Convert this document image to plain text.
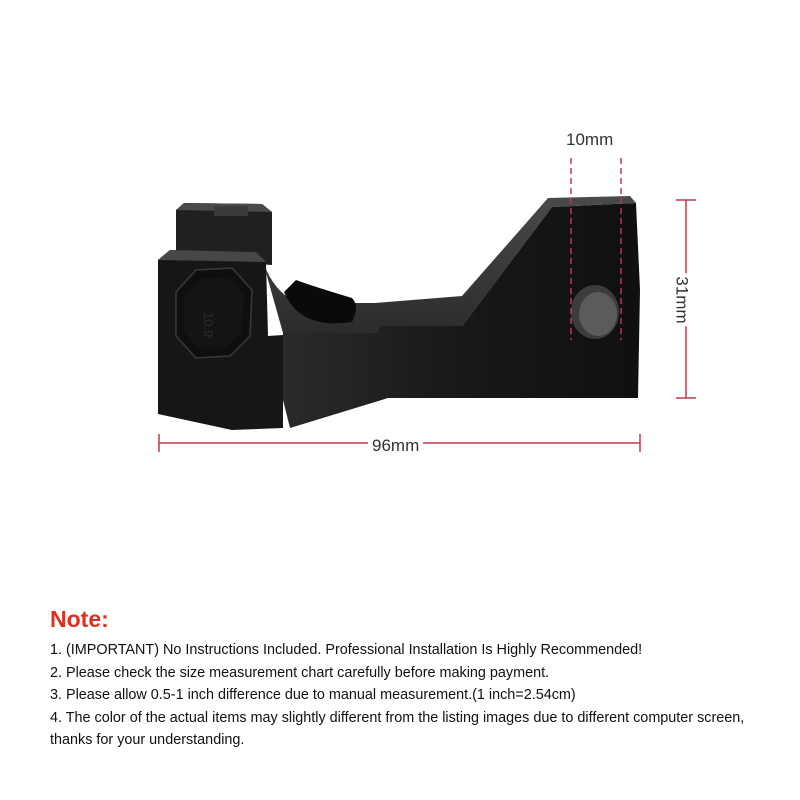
10.9
10mm
31mm
96mm
Note:
1. (IMPORTANT) No Instructions Included. Professional Installation Is Highly Recommended!
2. Please check the size measurement chart carefully before making payment.
3. Please allow 0.5-1 inch difference due to manual measurement.(1 inch=2.54cm)
4. The color of the actual items may slightly different from the listing images due to different computer screen, thanks for your understanding.
